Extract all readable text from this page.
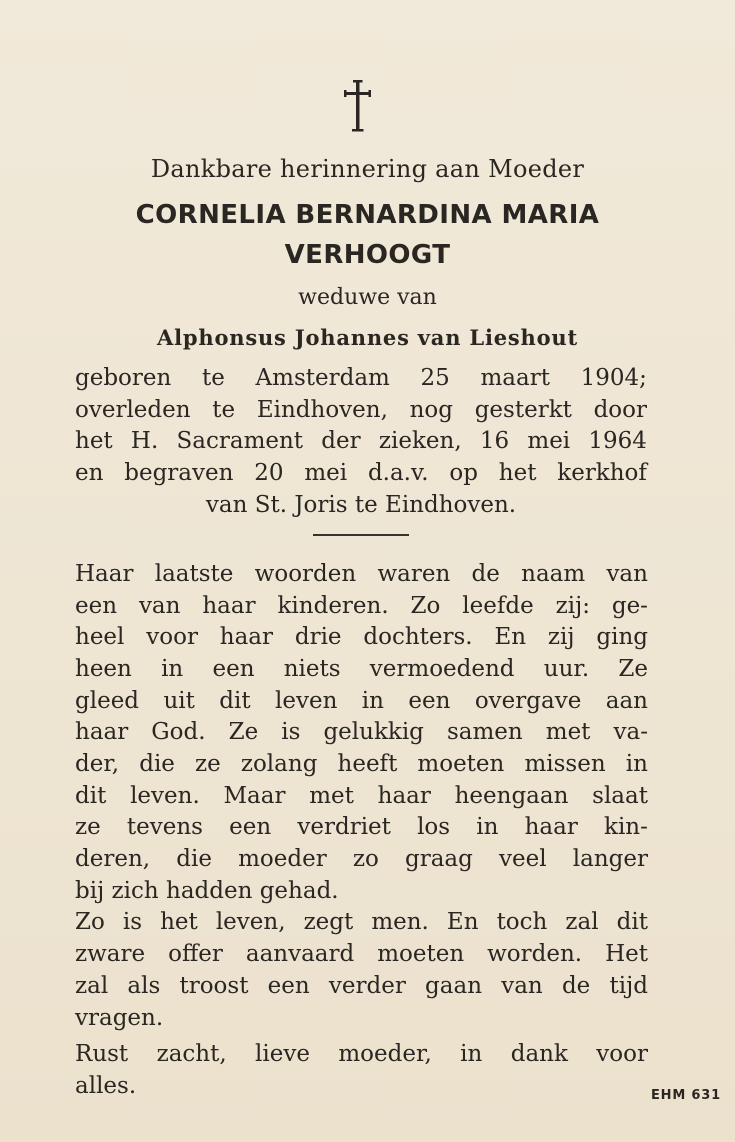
Dankbare herinnering aan Moeder
CORNELIA BERNARDINA MARIA
VERHOOGT
weduwe van
Alphonsus Johannes van Lieshout
geboren te Amsterdam 25 maart 1904;
overleden te Eindhoven, nog gesterkt door
het H. Sacrament der zieken, 16 mei 1964
en begraven 20 mei d.a.v. op het kerkhof
van St. Joris te Eindhoven.
Haar laatste woorden waren de naam van
een van haar kinderen. Zo leefde zij: ge-
heel voor haar drie dochters. En zij ging
heen in een niets vermoedend uur. Ze
gleed uit dit leven in een overgave aan
haar God. Ze is gelukkig samen met va-
der, die ze zolang heeft moeten missen in
dit leven. Maar met haar heengaan slaat
ze tevens een verdriet los in haar kin-
deren, die moeder zo graag veel langer
bij zich hadden gehad.
Zo is het leven, zegt men. En toch zal dit
zware offer aanvaard moeten worden. Het
zal als troost een verder gaan van de tijd
vragen.
Rust zacht, lieve moeder, in dank voor
alles.	EHM 631
